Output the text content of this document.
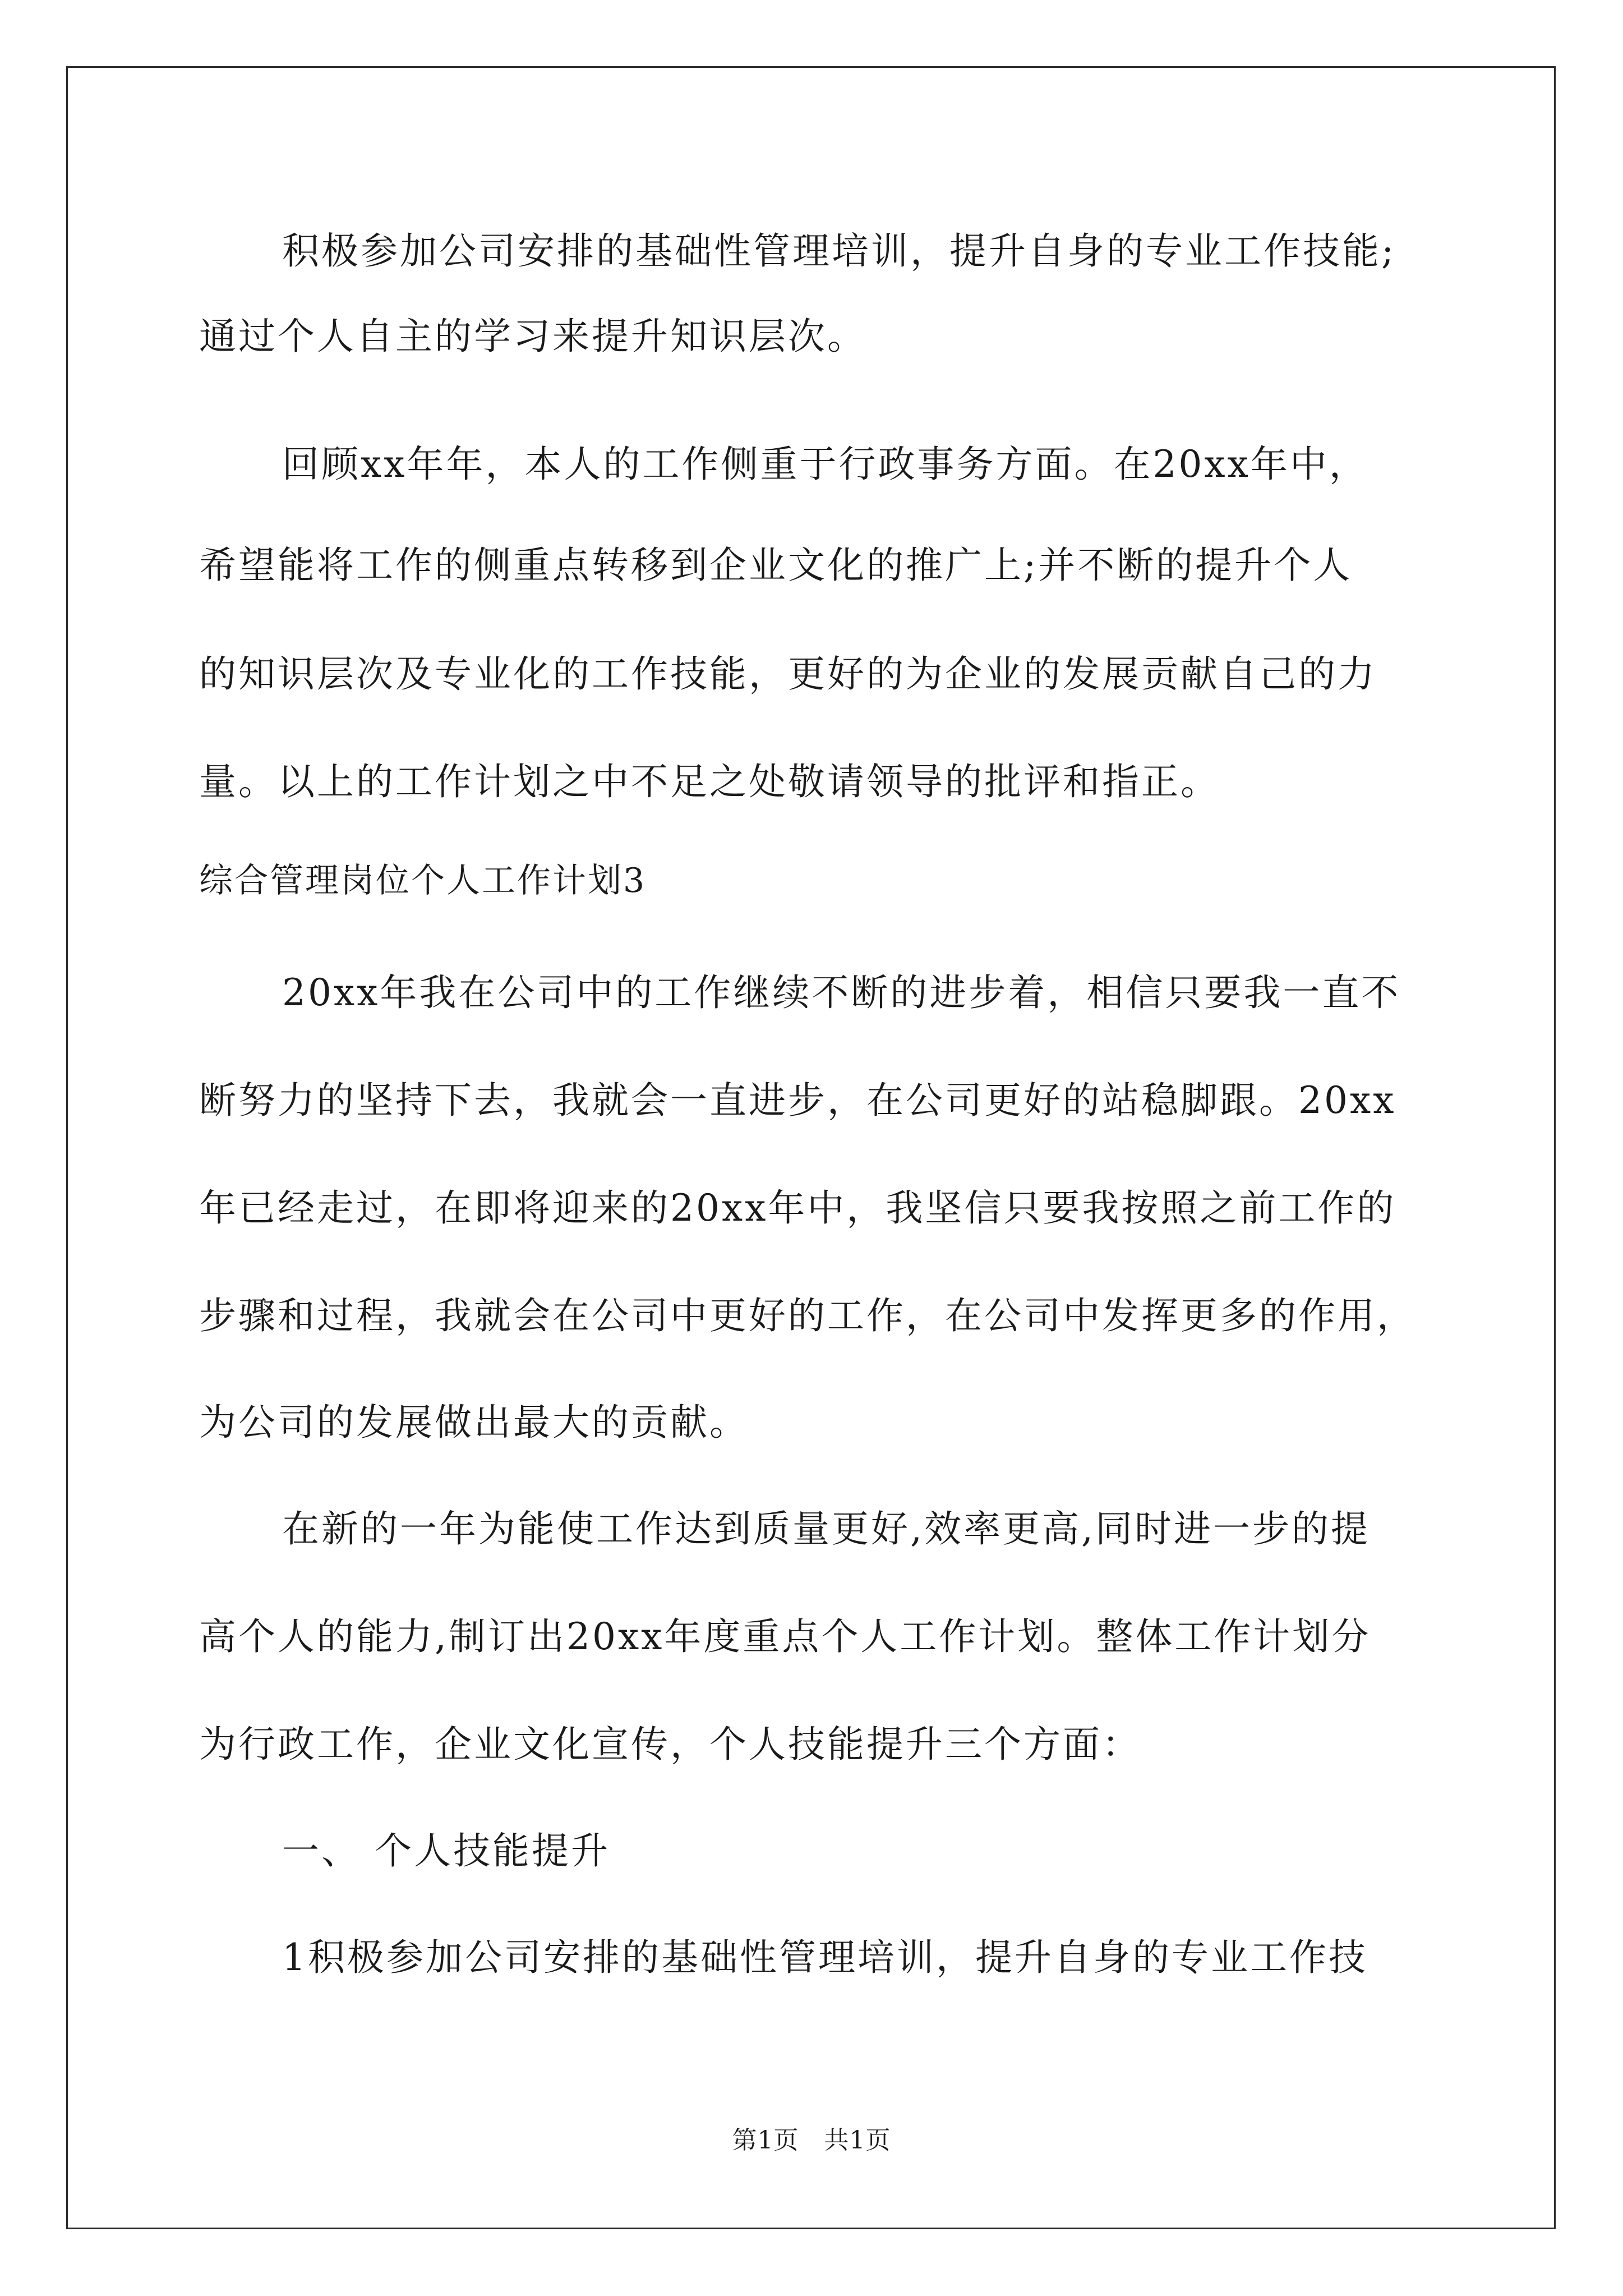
积极参加公司安排的基础性管理培训，提升自身的专业工作技能;
通过个人自主的学习来提升知识层次。
回顾xx年年，本人的工作侧重于行政事务方面。在20xx年中，
希望能将工作的侧重点转移到企业文化的推广上;并不断的提升个人
的知识层次及专业化的工作技能，更好的为企业的发展贡献自己的力
量。以上的工作计划之中不足之处敬请领导的批评和指正。
综合管理岗位个人工作计划3
20xx年我在公司中的工作继续不断的进步着，相信只要我一直不
断努力的坚持下去，我就会一直进步，在公司更好的站稳脚跟。20xx
年已经走过，在即将迎来的20xx年中，我坚信只要我按照之前工作的
步骤和过程，我就会在公司中更好的工作，在公司中发挥更多的作用，
为公司的发展做出最大的贡献。
在新的一年为能使工作达到质量更好,效率更高,同时进一步的提
高个人的能力,制订出20xx年度重点个人工作计划。整体工作计划分
为行政工作，企业文化宣传，个人技能提升三个方面：
一、 个人技能提升
1积极参加公司安排的基础性管理培训，提升自身的专业工作技
第1页　共1页
